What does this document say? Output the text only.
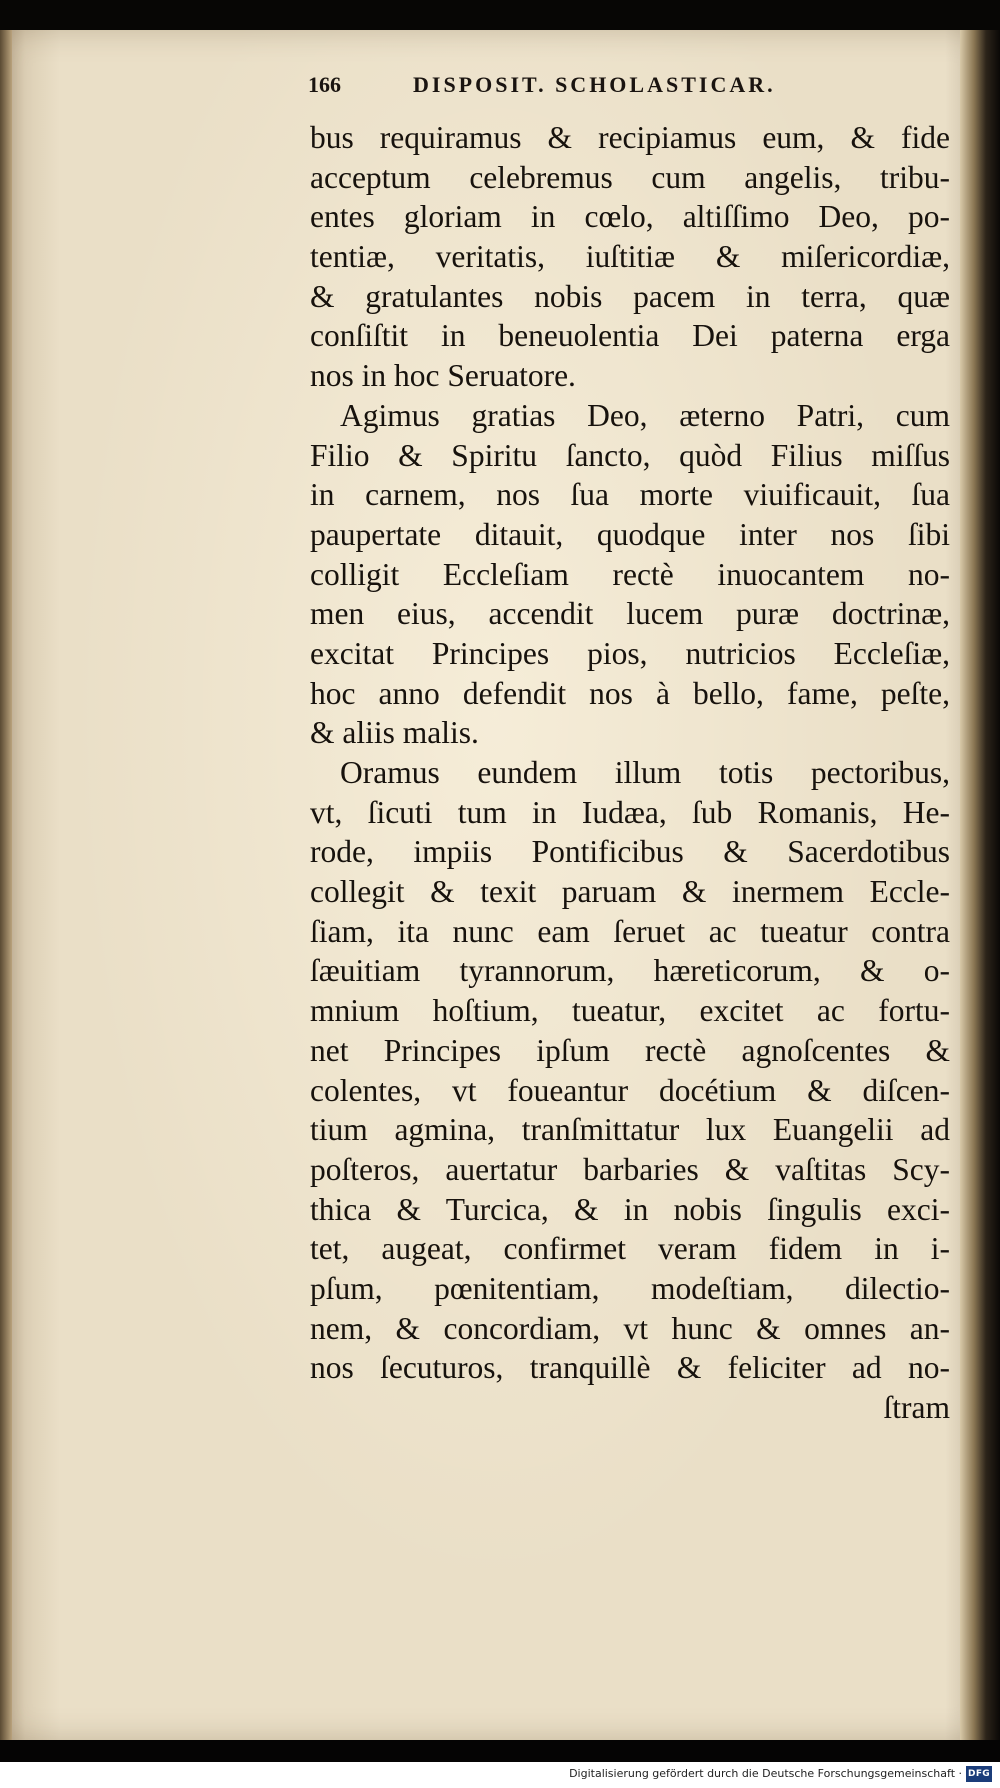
166	DISPOSIT. SCHOLASTICAR.
bus requiramus & recipiamus eum, & fide
acceptum celebremus cum angelis, tribu-
entes gloriam in cœlo, altiſſimo Deo, po-
tentiæ, veritatis, iuſtitiæ & miſericordiæ,
& gratulantes nobis pacem in terra, quæ
conſiſtit in beneuolentia Dei paterna erga
nos in hoc Seruatore.
Agimus gratias Deo, æterno Patri, cum
Filio & Spiritu ſancto, quòd Filius miſſus
in carnem, nos ſua morte viuificauit, ſua
paupertate ditauit, quodque inter nos ſibi
colligit Eccleſiam rectè inuocantem no-
men eius, accendit lucem puræ doctrinæ,
excitat Principes pios, nutricios Eccleſiæ,
hoc anno defendit nos à bello, fame, peſte,
& aliis malis.
Oramus eundem illum totis pectoribus,
vt, ſicuti tum in Iudæa, ſub Romanis, He-
rode, impiis Pontificibus & Sacerdotibus
collegit & texit paruam & inermem Eccle-
ſiam, ita nunc eam ſeruet ac tueatur contra
ſæuitiam tyrannorum, hæreticorum, & o-
mnium hoſtium, tueatur, excitet ac fortu-
net Principes ipſum rectè agnoſcentes &
colentes, vt foueantur docétium & diſcen-
tium agmina, tranſmittatur lux Euangelii ad
poſteros, auertatur barbaries & vaſtitas Scy-
thica & Turcica, & in nobis ſingulis exci-
tet, augeat, confirmet veram fidem in i-
pſum, pœnitentiam, modeſtiam, dilectio-
nem, & concordiam, vt hunc & omnes an-
nos ſecuturos, tranquillè & feliciter ad no-
ſtram
Digitalisierung gefördert durch die Deutsche Forschungsgemeinschaft · DFG
